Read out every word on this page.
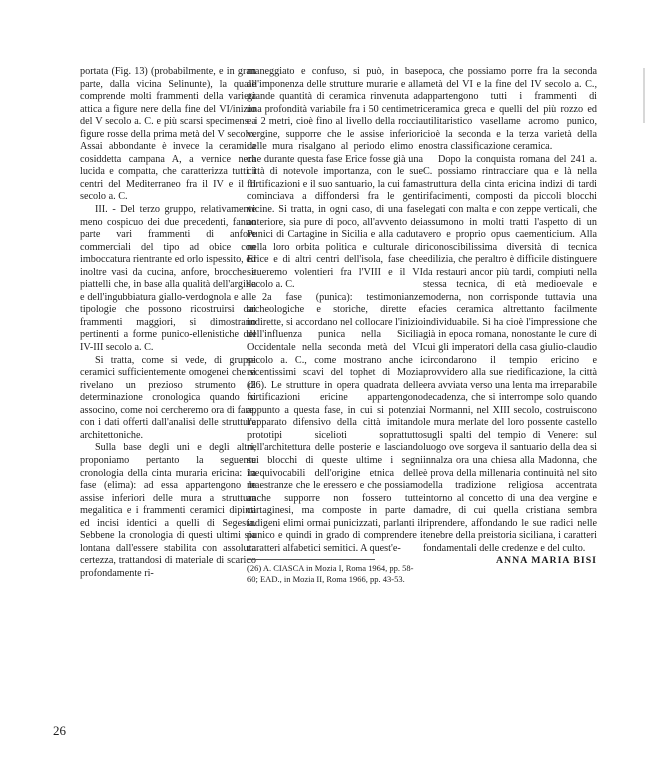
portata (Fig. 13) (probabilmente, e in gran parte, dalla vicina Selinunte), la quale comprende molti frammenti della varietà attica a figure nere della fine del VI/inizio del V secolo a. C. e più scarsi specimens a figure rosse della prima metà del V secolo. Assai abbondante è invece la ceramica cosiddetta campana A, a vernice nera lucida e compatta, che caratterizza tutti i centri del Mediterraneo fra il IV e il II secolo a. C.

III. - Del terzo gruppo, relativamente meno cospicuo dei due precedenti, fanno parte vari frammenti di anfore commerciali del tipo ad obice con imboccatura rientrante ed orlo ispessito, ed inoltre vasi da cucina, anfore, brocche e piattelli che, in base alla qualità dell'argilla e dell'ingubbiatura giallo-verdognola e alle tipologie che possono ricostruirsi dai frammenti maggiori, si dimostrano pertinenti a forme punico-ellenistiche del IV-III secolo a. C.

Si tratta, come si vede, di gruppi ceramici sufficientemente omogenei che si rivelano un prezioso strumento di determinazione cronologica quando si associno, come noi cercheremo ora di fare, con i dati offerti dall'analisi delle strutture architettoniche.

Sulla base degli uni e degli altri, proponiamo pertanto la seguente cronologia della cinta muraria ericina: 1a fase (elima): ad essa appartengono le assise inferiori delle mura a struttura megalitica e i frammenti ceramici dipinti ed incisi identici a quelli di Segesta. Sebbene la cronologia di questi ultimi sia lontana dall'essere stabilita con assoluta certezza, trattandosi di materiale di scarico profondamente ri-

maneggiato e confuso, si può, in base all'imponenza delle strutture murarie e alla grande quantità di ceramica rinvenuta ad una profondità variabile fra i 50 centimetri e i 2 metri, cioè fino al livello della roccia vergine, supporre che le assise inferiori delle mura risalgano al periodo elimo e che durante questa fase Erice fosse già una città di notevole importanza, con le sue fortificazioni e il suo santuario, la cui fama cominciava a diffondersi fra le genti vicine. Si tratta, in ogni caso, di una fase anteriore, sia pure di poco, all'avvento dei Punici di Cartagine in Sicilia e alla caduta nella loro orbita politica e culturale di Erice e di altri centri dell'isola, fase che situeremo volentieri fra l'VIII e il VI secolo a. C.

2a fase (punica): testimonianze archeologiche e storiche, dirette e indirette, si accordano nel collocare l'inizio dell'influenza punica nella Sicilia Occidentale nella seconda metà del VI secolo a. C., come mostrano anche i recentissimi scavi del tophet di Mozia (26). Le strutture in opera quadrata delle fortificazioni ericine appartengono appunto a questa fase, in cui si potenzia l'apparato difensivo della città imitando prototipi sicelioti soprattutto nell'architettura delle posterie e lasciando sui blocchi di queste ultime i segni inequivocabili dell'origine etnica delle maestranze che le eressero e che possiamo anche supporre non fossero tutte cartaginesi, ma composte in parte da indigeni elimi ormai punicizzati, parlanti il punico e quindi in grado di comprendere i caratteri alfabetici semitici. A quest'e-

(26) A. CIASCA in Mozia I, Roma 1964, pp. 58-60; EAD., in Mozia II, Roma 1966, pp. 43-53.

poca, che possiamo porre fra la seconda metà del VI e la fine del IV secolo a. C., appartengono tutti i frammenti di ceramica greca e quelli del più rozzo ed utilitaristico vasellame acromo punico, cioè la seconda e la terza varietà della nostra classificazione ceramica.

Dopo la conquista romana del 241 a. C. possiamo rintracciare qua e là nella struttura della cinta ericina indizi di tardi rifacimenti, composti da piccoli blocchi legati con malta e con zeppe verticali, che assumono in molti tratti l'aspetto di un vero e proprio opus caementicium. Alla riconoscibilissima diversità di tecnica edilizia, che peraltro è difficile distinguere da restauri ancor più tardi, compiuti nella stessa tecnica, di età medioevale e moderna, non corrisponde tuttavia una facies ceramica altrettanto facilmente individuabile. Si ha cioè l'impressione che già in epoca romana, nonostante le cure di cui gli imperatori della casa giulio-claudio circondarono il tempio ericino e provvidero alla sue riedificazione, la città era avviata verso una lenta ma irreparabile decadenza, che si interrompe solo quando i Normanni, nel XIII secolo, costruiscono le mura merlate del loro possente castello sugli spalti del tempio di Venere: sul luogo ove sorgeva il santuario della dea si innalza ora una chiesa alla Madonna, che è prova della millenaria continuità nel sito della tradizione religiosa accentrata intorno al concetto di una dea vergine e madre, di cui quella cristiana sembra riprendere, affondando le sue radici nelle tenebre della preistoria siciliana, i caratteri fondamentali delle credenze e del culto.

ANNA MARIA BISI

26
